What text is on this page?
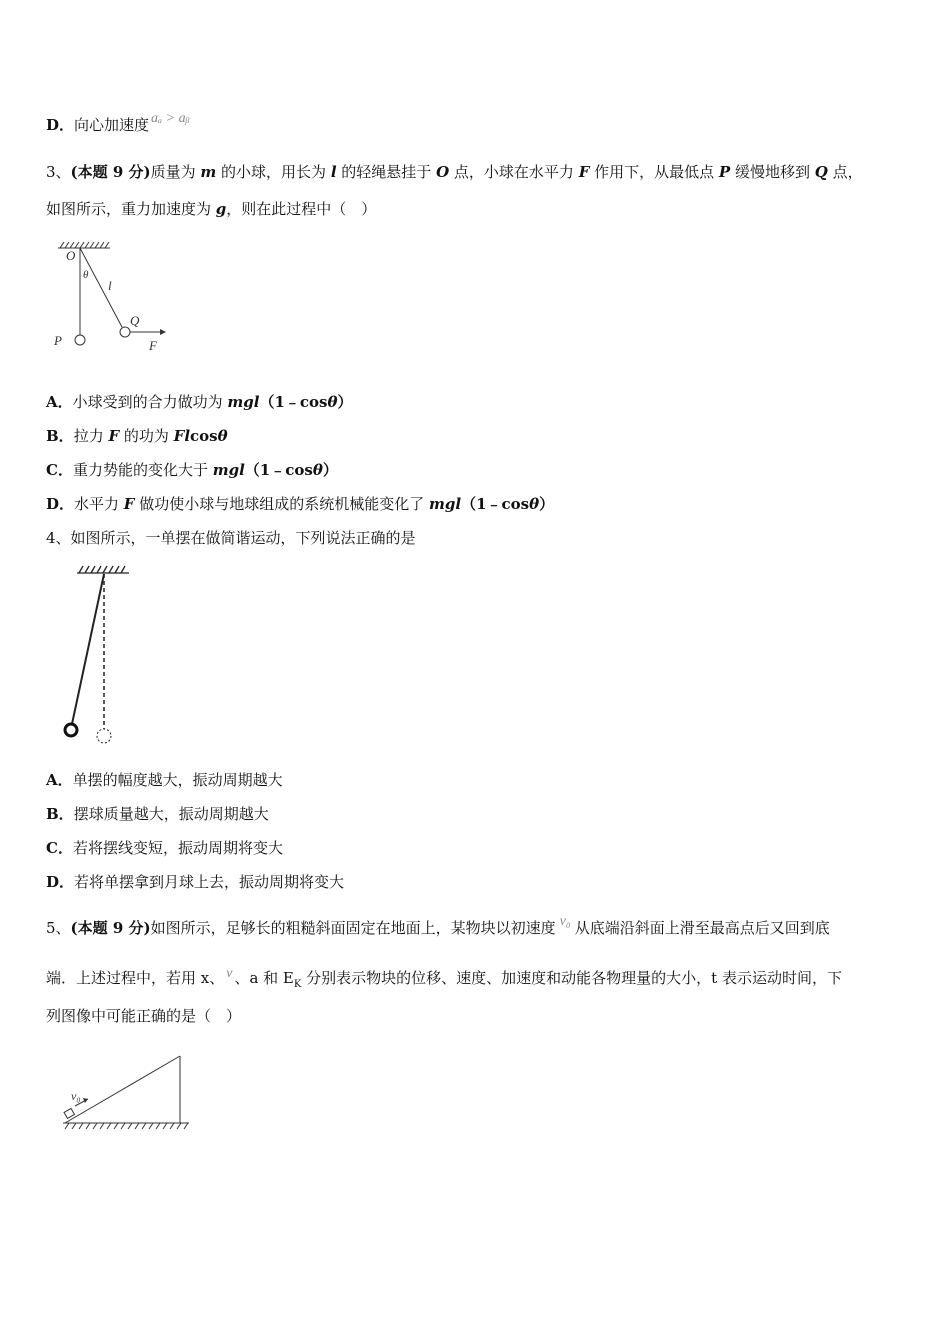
D．向心加速度 aₐ > aᵦ
3、(本题 9 分)质量为 m 的小球，用长为 l 的轻绳悬挂于 O 点，小球在水平力 F 作用下，从最低点 P 缓慢地移到 Q 点，
如图所示，重力加速度为 g，则在此过程中（　）
O
θ
l
P
Q
F
A．小球受到的合力做功为 mgl（1﹣cosθ）
B．拉力 F 的功为 Flcosθ
C．重力势能的变化大于 mgl（1﹣cosθ）
D．水平力 F 做功使小球与地球组成的系统机械能变化了 mgl（1﹣cosθ）
4、如图所示，一单摆在做简谐运动，下列说法正确的是
A．单摆的幅度越大，振动周期越大
B．摆球质量越大，振动周期越大
C．若将摆线变短，振动周期将变大
D．若将单摆拿到月球上去，振动周期将变大
5、(本题 9 分)如图所示，足够长的粗糙斜面固定在地面上，某物块以初速度 v₀ 从底端沿斜面上滑至最高点后又回到底
端．上述过程中，若用 x、 v 、a 和 $E_K$ 分别表示物块的位移、速度、加速度和动能各物理量的大小，t 表示运动时间，下
列图像中可能正确的是（　）
v₀
